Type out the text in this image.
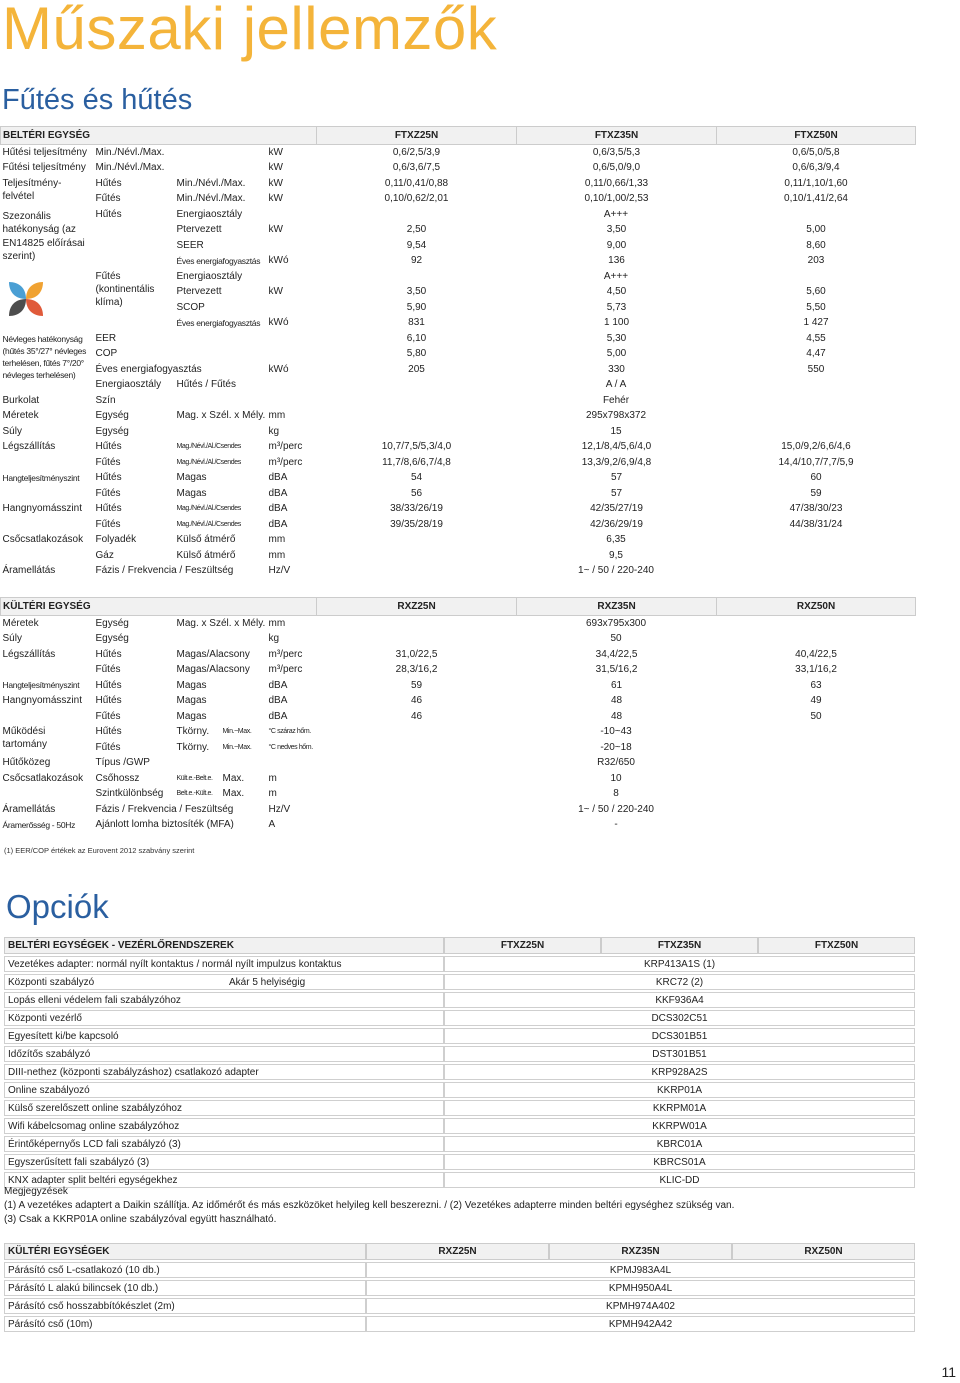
Műszaki jellemzők
Fűtés és hűtés
BELTÉRI EGYSÉG				FTXZ25N	FTXZ35N	FTXZ50N
Hűtési teljesítmény	Min./Névl./Max.		kW	0,6/2,5/3,9	0,6/3,5/5,3	0,6/5,0/5,8
Fűtési teljesítmény	Min./Névl./Max.		kW	0,6/3,6/7,5	0,6/5,0/9,0	0,6/6,3/9,4
Teljesítmény-felvétel	Hűtés	Min./Névl./Max.	kW	0,11/0,41/0,88	0,11/0,66/1,33	0,11/1,10/1,60
	Fűtés	Min./Névl./Max.	kW	0,10/0,62/2,01	0,10/1,00/2,53	0,10/1,41/2,64
Szezonális hatékonyság (az EN14825 előírásai szerint)	Hűtés	Energiaosztály		A+++		
		Ptervezett	kW	2,50	3,50	5,00
		SEER		9,54	9,00	8,60
		Éves energiafogyasztás	kWó	92	136	203
	Fűtés (kontinentális klíma)	Energiaosztály		A+++		
		Ptervezett	kW	3,50	4,50	5,60
		SCOP		5,90	5,73	5,50
		Éves energiafogyasztás	kWó	831	1 100	1 427
Névleges hatékonyság (hűtés 35°/27° névleges terhelésen, fűtés 7°/20° névleges terhelésen)	EER			6,10	5,30	4,55
	COP			5,80	5,00	4,47
	Éves energiafogyasztás		kWó	205	330	550
	Energiaosztály	Hűtés / Fűtés		A / A		
Burkolat	Szín			Fehér		
Méretek	Egység	Mag. x Szél. x Mély.	mm	295x798x372		
Súly	Egység		kg	15		
Légszállítás	Hűtés	Mag./Névl./Al./Csendes	m³/perc	10,7/7,5/5,3/4,0	12,1/8,4/5,6/4,0	15,0/9,2/6,6/4,6
	Fűtés	Mag./Névl./Al./Csendes	m³/perc	11,7/8,6/6,7/4,8	13,3/9,2/6,9/4,8	14,4/10,7/7,7/5,9
Hangteljesítményszint	Hűtés	Magas	dBA	54	57	60
	Fűtés	Magas	dBA	56	57	59
Hangnyomásszint	Hűtés	Mag./Névl./Al./Csendes	dBA	38/33/26/19	42/35/27/19	47/38/30/23
	Fűtés	Mag./Névl./Al./Csendes	dBA	39/35/28/19	42/36/29/19	44/38/31/24
Csőcsatlakozások	Folyadék	Külső átmérő	mm	6,35		
	Gáz	Külső átmérő	mm	9,5		
Áramellátás	Fázis / Frekvencia / Feszültség		Hz/V	1~ / 50 / 220-240		
KÜLTÉRI EGYSÉG					RXZ25N	RXZ35N	RXZ50N
Méretek	Egység	Mag. x Szél. x Mély.		mm	693x795x300		
Súly	Egység			kg	50		
Légszállítás	Hűtés	Magas/Alacsony		m³/perc	31,0/22,5	34,4/22,5	40,4/22,5
	Fűtés	Magas/Alacsony		m³/perc	28,3/16,2	31,5/16,2	33,1/16,2
Hangteljesítményszint	Hűtés	Magas		dBA	59	61	63
Hangnyomásszint	Hűtés	Magas		dBA	46	48	49
	Fűtés	Magas		dBA	46	48	50
Működési tartomány	Hűtés	Tkörny.	Min.~Max.	°C száraz hőm.	-10~43		
	Fűtés	Tkörny.	Min.~Max.	°C nedves hőm.	-20~18		
Hűtőközeg	Típus /GWP				R32/650		
Csőcsatlakozások	Csőhossz	Kült.e.-Belt.e.	Max.	m	10		
	Szintkülönbség	Belt.e.-Kült.e.	Max.	m	8		
Áramellátás	Fázis / Frekvencia / Feszültség			Hz/V	1~ / 50 / 220-240		
Áramerősség - 50Hz	Ajánlott lomha biztosíték (MFA)			A	-		
(1) EER/COP értékek az Eurovent 2012 szabvány szerint
Opciók
BELTÉRI EGYSÉGEK - VEZÉRLŐRENDSZEREK		FTXZ25N	FTXZ35N	FTXZ50N
Vezetékes adapter: normál nyílt kontaktus / normál nyílt impulzus kontaktus		KRP413A1S (1)		
Központi szabályzó	Akár 5 helyiségig	KRC72 (2)		
Lopás elleni védelem fali szabályzóhoz		KKF936A4		
Központi vezérlő		DCS302C51		
Egyesített ki/be kapcsoló		DCS301B51		
Időzítős szabályzó		DST301B51		
DIII-nethez (központi szabályzáshoz) csatlakozó adapter		KRP928A2S		
Online szabályozó		KKRP01A		
Külső szerelőszett online szabályzóhoz		KKRPM01A		
Wifi kábelcsomag online szabályzóhoz		KKRPW01A		
Érintőképernyős LCD fali szabályzó (3)		KBRC01A		
Egyszerűsített fali szabályzó (3)		KBRCS01A		
KNX adapter split beltéri egységekhez		KLIC-DD		
Megjegyzések
(1) A vezetékes adaptert a Daikin szállítja. Az időmérőt és más eszközöket helyileg kell beszerezni. / (2) Vezetékes adapterre minden beltéri egységhez szükség van.
(3) Csak a KKRP01A online szabályzóval együtt használható.
KÜLTÉRI EGYSÉGEK	RXZ25N	RXZ35N	RXZ50N
Párásító cső L-csatlakozó (10 db.)	KPMJ983A4L		
Párásító L alakú bilincsek (10 db.)	KPMH950A4L		
Párásító cső hosszabbítókészlet (2m)	KPMH974A402		
Párásító cső (10m)	KPMH942A42		
11
